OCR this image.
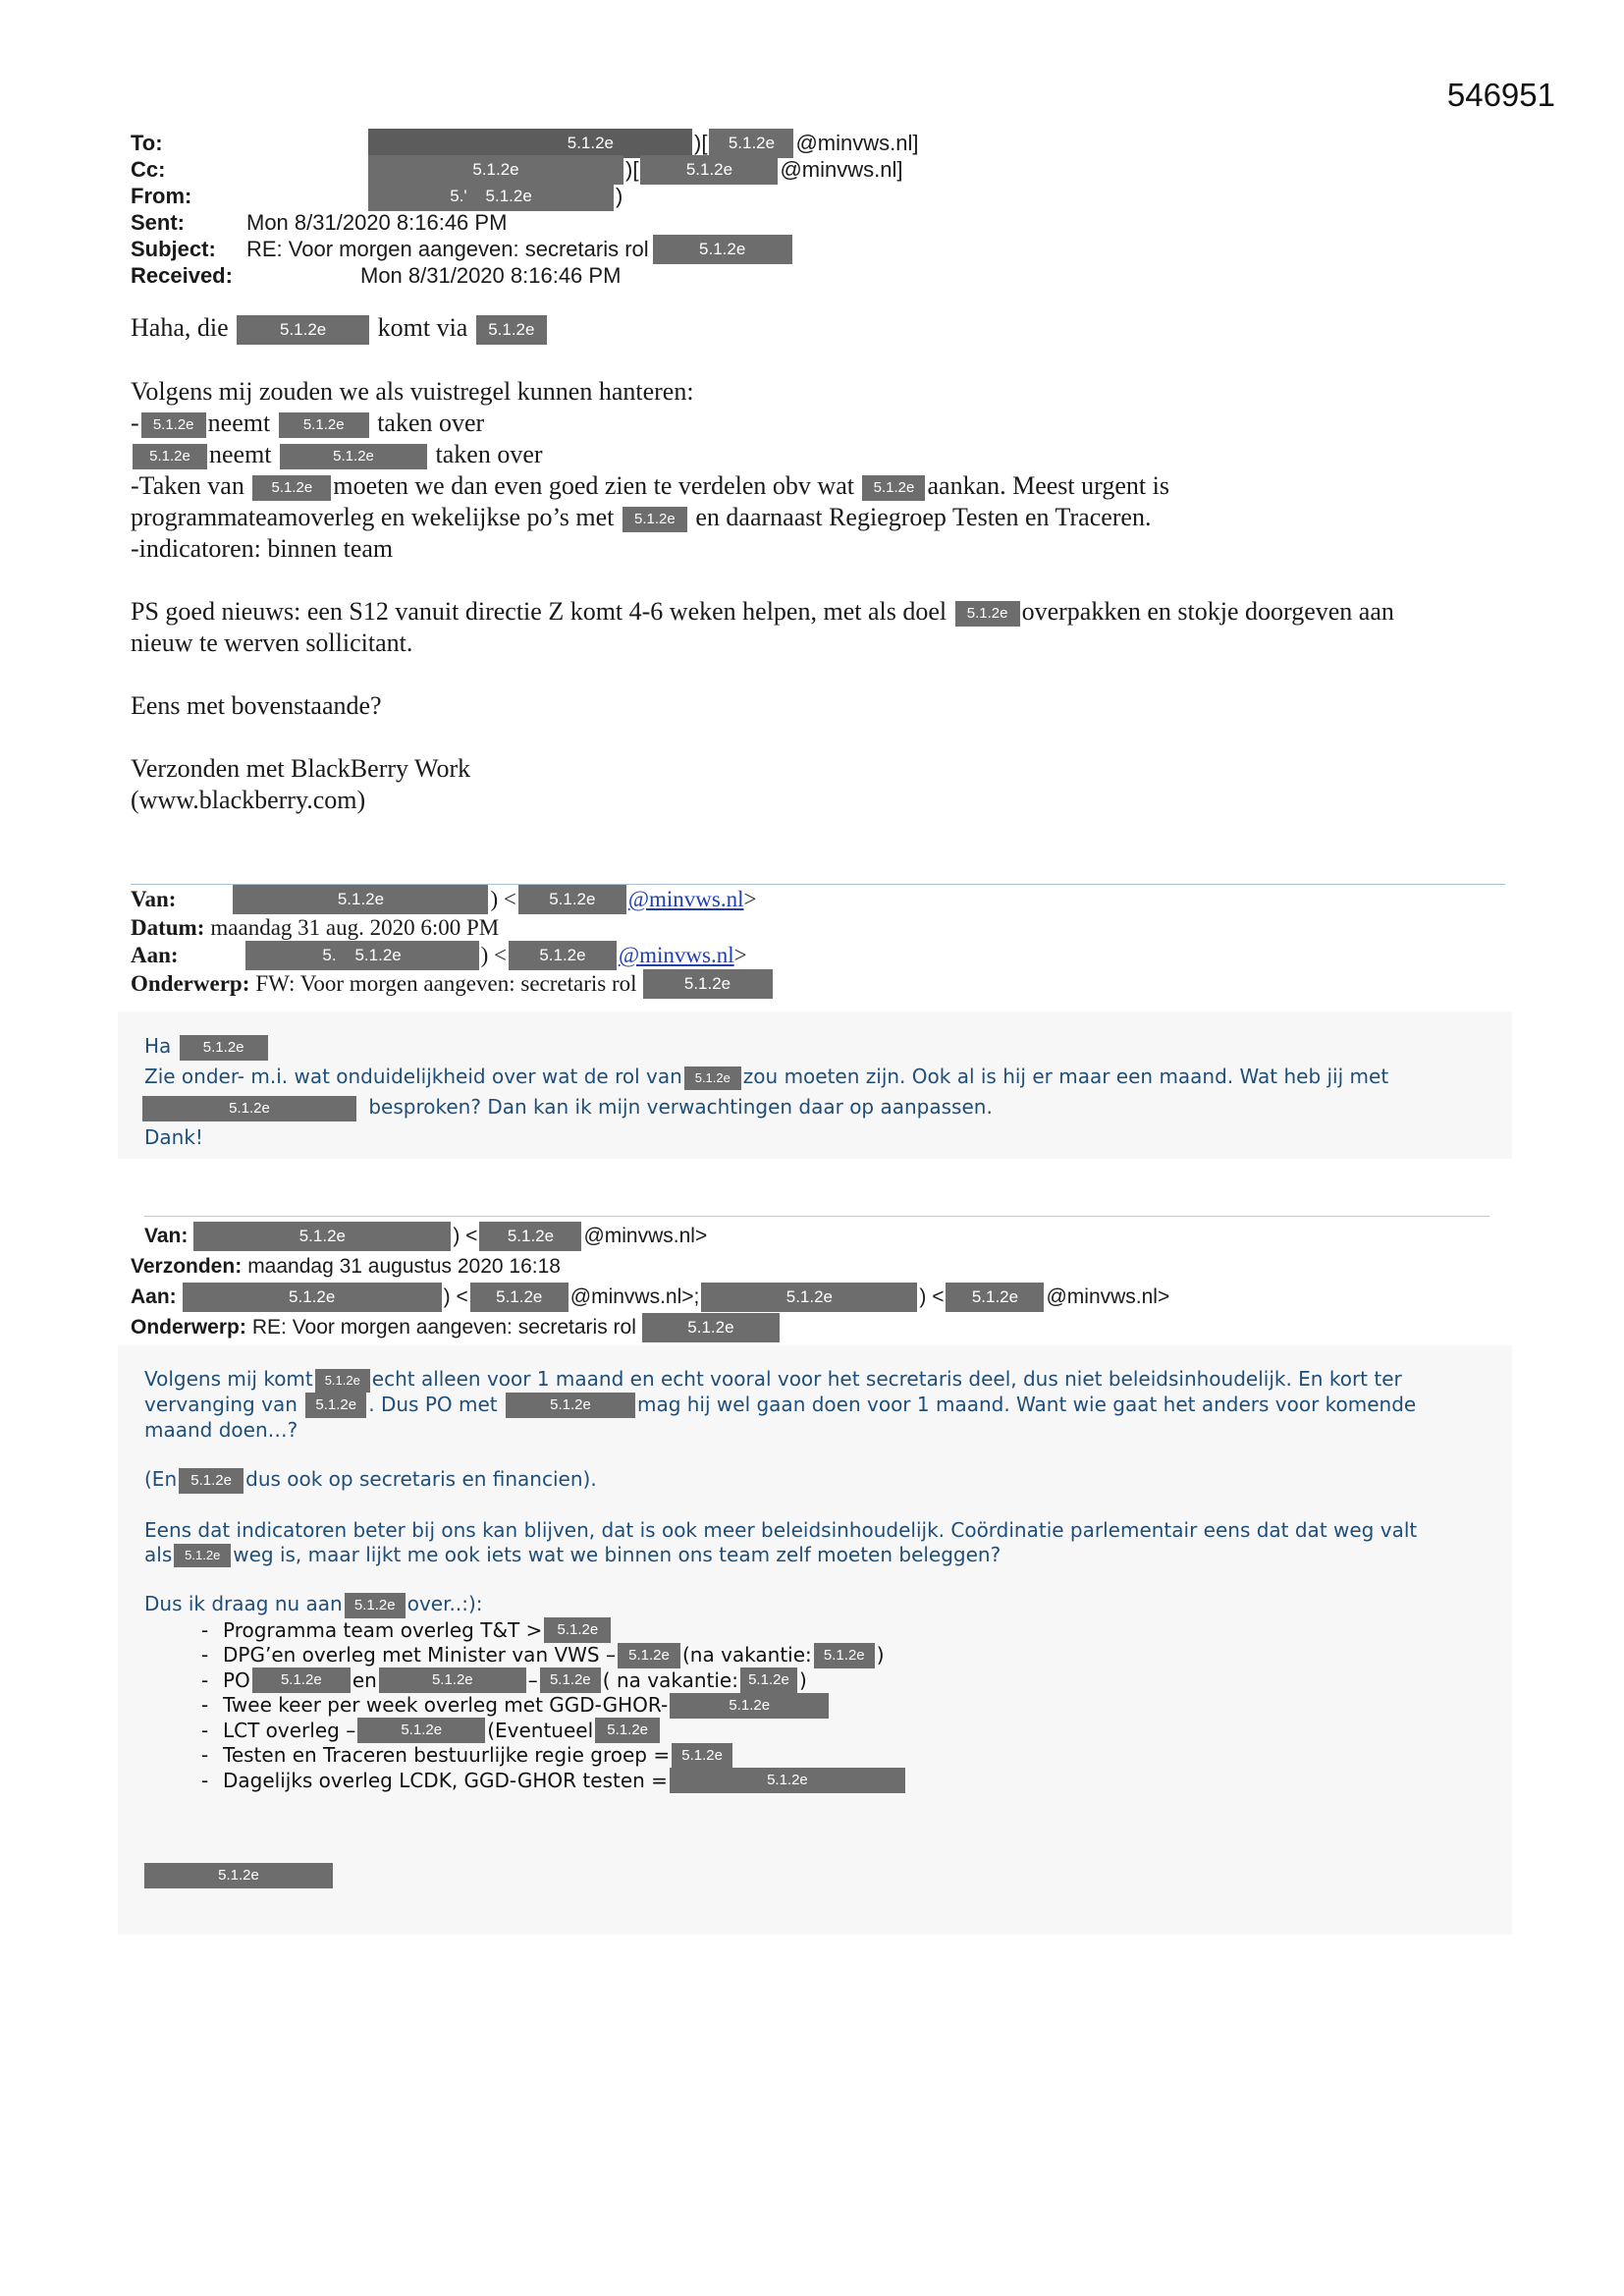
546951
To:	5.1.2e	)[	5.1.2e @minvws.nl]
Cc:	5.1.2e	)[	5.1.2e	@minvws.nl]
From:	5.' 5.1.2e	)
Sent:	Mon 8/31/2020 8:16:46 PM
Subject:	RE: Voor morgen aangeven: secretaris rol	5.1.2e
Received:	Mon 8/31/2020 8:16:46 PM

Haha, die	5.1.2e komt via 5.1.2e

Volgens mij zouden we als vuistregel kunnen hanteren:

- 5.1.2e neemt 5.1.2e taken over

5.1.2e neemt	5.1.2e taken over

-Taken van 5.1.2e moeten we dan even goed zien te verdelen obv wat 5.1.2e aankan. Meest urgent is

programmateamoverleg en wekelijkse po’s met 5.1.2e en daarnaast Regiegroep Testen en Traceren.

-indicatoren: binnen team

PS goed nieuws: een S12 vanuit directie Z komt 4-6 weken helpen, met als doel 5.1.2e overpakken en stokje doorgeven aan

nieuw te werven sollicitant.

Eens met bovenstaande?

Verzonden met BlackBerry Work

(www.blackberry.com)

Van:	5.1.2e	) <	5.1.2e	@minvws.nl >
Datum: maandag 31 aug. 2020 6:00 PM
Aan:	5. 5.1.2e	) <	5.1.2e	@minvws.nl >
Onderwerp: FW: Voor morgen aangeven: secretaris rol	5.1.2e

Ha 5.1.2e

Zie onder- m.i. wat onduidelijkheid over wat de rol van 5.1.2e zou moeten zijn. Ook al is hij er maar een maand. Wat heb jij met

5.1.2e	besproken? Dan kan ik mijn verwachtingen daar op aanpassen.

Dank!

Van:	5.1.2e	) <	5.1.2e	@minvws.nl>
Verzonden: maandag 31 augustus 2020 16:18
Aan:	5.1.2e	) <	5.1.2e	@minvws.nl>;	5.1.2e	) <	5.1.2e	@minvws.nl>
Onderwerp: RE: Voor morgen aangeven: secretaris rol	5.1.2e

Volgens mij komt 5.1.2e echt alleen voor 1 maand en echt vooral voor het secretaris deel, dus niet beleidsinhoudelijk. En kort ter

vervanging van 5.1.2e . Dus PO met	5.1.2e mag hij wel gaan doen voor 1 maand. Want wie gaat het anders voor komende

maand doen…?

(En 5.1.2e dus ook op secretaris en financien).

Eens dat indicatoren beter bij ons kan blijven, dat is ook meer beleidsinhoudelijk. Coördinatie parlementair eens dat dat weg valt

als 5.1.2e weg is, maar lijkt me ook iets wat we binnen ons team zelf moeten beleggen?

Dus ik draag nu aan 5.1.2e over..:):

- Programma team overleg T&T >	5.1.2e
- DPG’en overleg met Minister van VWS – 5.1.2e (na vakantie: 5.1.2e )
- PO	5.1.2e	en	5.1.2e	– 5.1.2e ( na vakantie: 5.1.2e )
- Twee keer per week overleg met GGD-GHOR-	5.1.2e
- LCT overleg –	5.1.2e	(Eventueel 5.1.2e
- Testen en Traceren bestuurlijke regie groep = 5.1.2e
- Dagelijks overleg LCDK, GGD-GHOR testen =	5.1.2e

5.1.2e
